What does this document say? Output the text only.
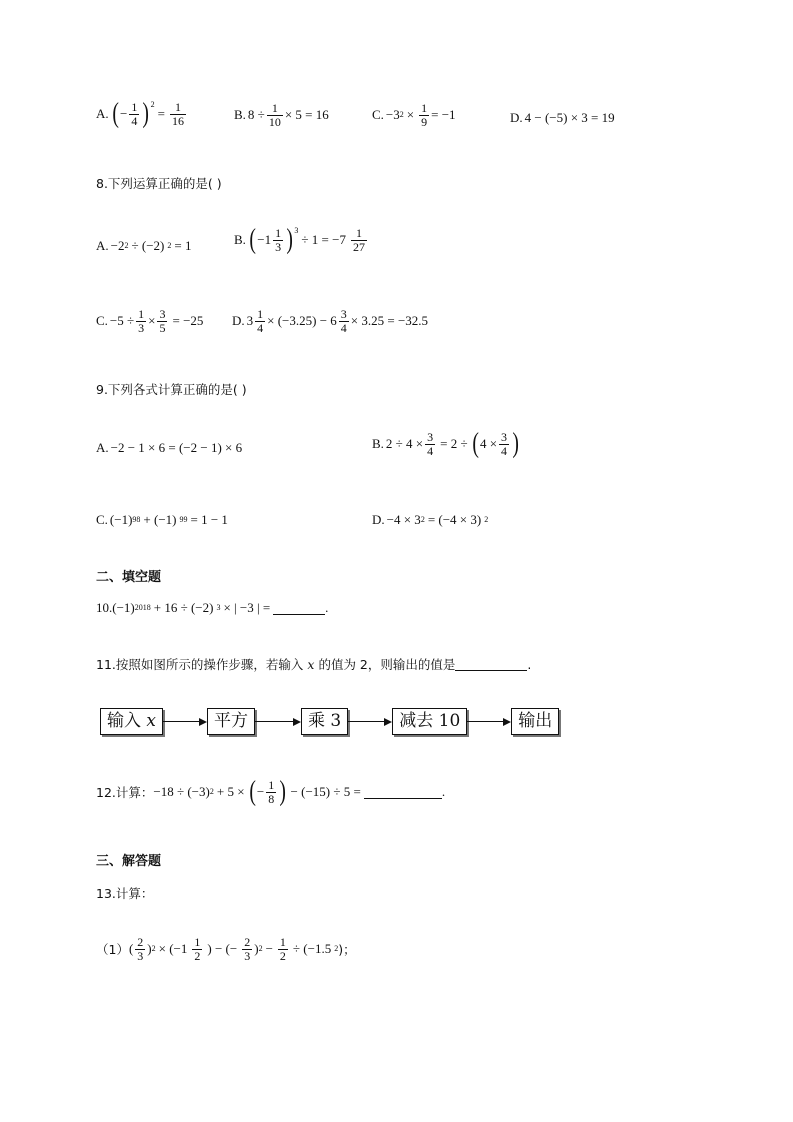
A. ( − $\frac{1}{4}$ ) 2
= $\frac{1}{16}$	B. $8 \div \frac{1}{10} \times 5 = 16$	C. −3 $2 \times \frac{1}{9} = -1$	D. 4 − (−5) × 3 = 19
8.下列运算正确的是( )
A. −2 2 ÷ (−2) 2 = 1	B. ( $-1 \frac{1}{3}$ ) 3
÷ $1 = -7 \frac{1}{27}$
C. $-5 \div \frac{1}{3} \times \frac{3}{5} = -25$ D. $3 \frac{1}{4} \times (-3.25) - 6 \frac{3}{4} \times 3.25 = -32.5$
9.下列各式计算正确的是( )
A. −2 − 1 × 6 = (−2 − 1) × 6	B. $2 \div 4 \times \frac{3}{4} = 2$ ÷ ( $4 \times \frac{3}{4}$ )
C. (−1) 98 + (−1) 99 = 1 − 1	D. −4 × 3 2 = (−4 × 3) 2
二、填空题
10. (−1) 2018 + 16 ÷ (−2) 3 × | −3 | =	.
11.按照如图所示的操作步骤，若输入 x 的值为 2，则输出的值是	.
输入 x	平方	乘 3	减去 10	输出
12.计算： −18 ÷ (−3) 2 + 5 × ( − $\frac{1}{8}$ ) − (−15) ÷ 5 =	.
三、解答题
13.计算：
（1） ( $\frac{2}{3}$ ) $2 \times (-1 \frac{1}{2}$ ) − (− $\frac{2}{3}$ ) $2 - \frac{1}{2} \div (-1.5$ 2 )；
